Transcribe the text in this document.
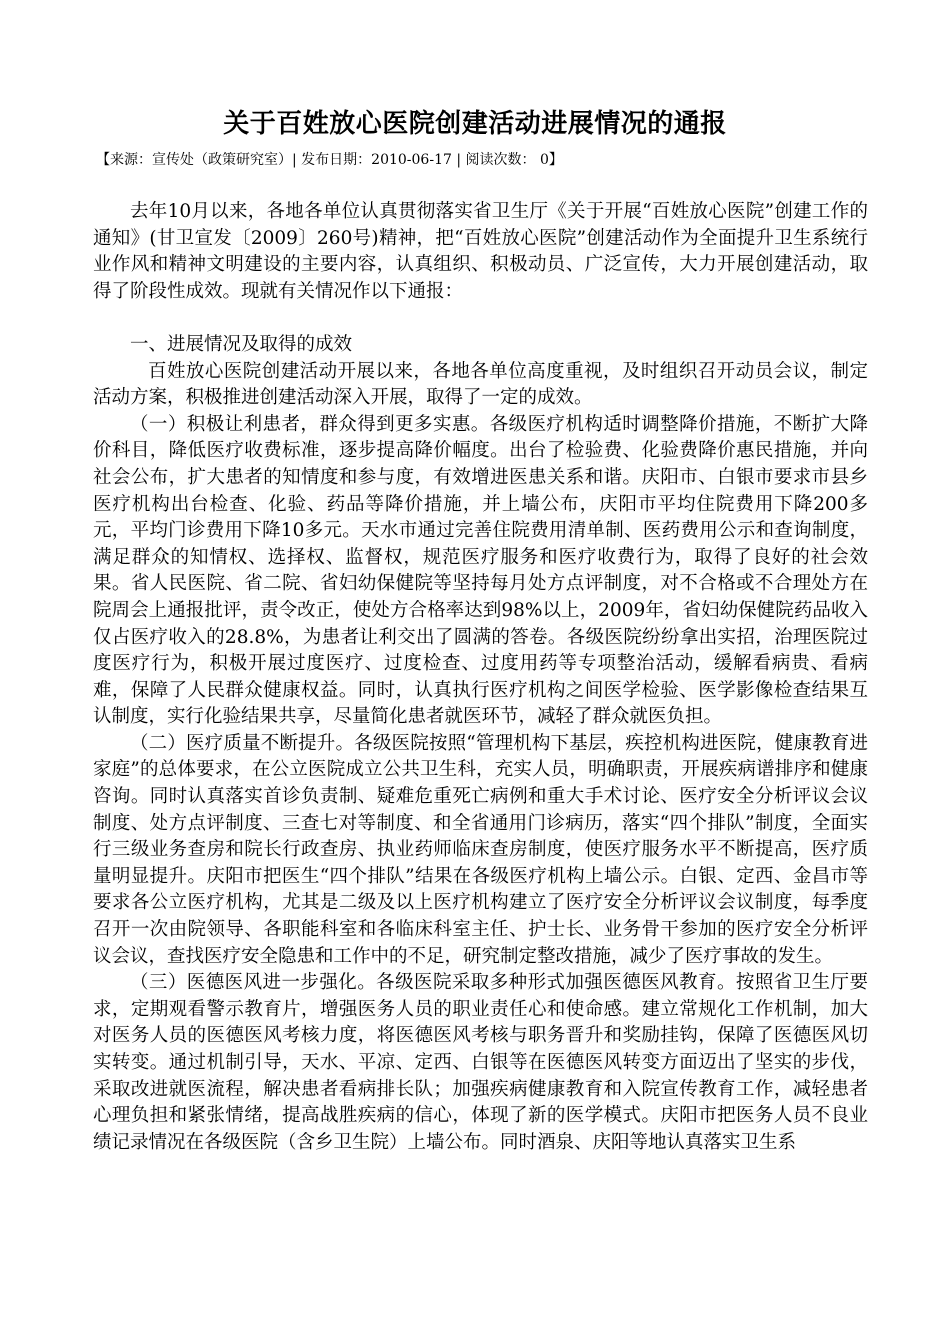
关于百姓放心医院创建活动进展情况的通报
【来源：宣传处（政策研究室）| 发布日期：2010-06-17 | 阅读次数： 0】

去年10月以来，各地各单位认真贯彻落实省卫生厅《关于开展“百姓放心医院”创建工作的通知》(甘卫宣发〔2009〕260号)精神，把“百姓放心医院”创建活动作为全面提升卫生系统行业作风和精神文明建设的主要内容，认真组织、积极动员、广泛宣传，大力开展创建活动，取得了阶段性成效。现就有关情况作以下通报：

一、进展情况及取得的成效

百姓放心医院创建活动开展以来，各地各单位高度重视，及时组织召开动员会议，制定活动方案，积极推进创建活动深入开展，取得了一定的成效。

（一）积极让利患者，群众得到更多实惠。各级医疗机构适时调整降价措施，不断扩大降价科目，降低医疗收费标准，逐步提高降价幅度。出台了检验费、化验费降价惠民措施，并向社会公布，扩大患者的知情度和参与度，有效增进医患关系和谐。庆阳市、白银市要求市县乡医疗机构出台检查、化验、药品等降价措施，并上墙公布，庆阳市平均住院费用下降200多元，平均门诊费用下降10多元。天水市通过完善住院费用清单制、医药费用公示和查询制度，满足群众的知情权、选择权、监督权，规范医疗服务和医疗收费行为，取得了良好的社会效果。省人民医院、省二院、省妇幼保健院等坚持每月处方点评制度，对不合格或不合理处方在院周会上通报批评，责令改正，使处方合格率达到98%以上，2009年，省妇幼保健院药品收入仅占医疗收入的28.8%，为患者让利交出了圆满的答卷。各级医院纷纷拿出实招，治理医院过度医疗行为，积极开展过度医疗、过度检查、过度用药等专项整治活动，缓解看病贵、看病难，保障了人民群众健康权益。同时，认真执行医疗机构之间医学检验、医学影像检查结果互认制度，实行化验结果共享，尽量简化患者就医环节，减轻了群众就医负担。

（二）医疗质量不断提升。各级医院按照“管理机构下基层，疾控机构进医院，健康教育进家庭”的总体要求，在公立医院成立公共卫生科，充实人员，明确职责，开展疾病谱排序和健康咨询。同时认真落实首诊负责制、疑难危重死亡病例和重大手术讨论、医疗安全分析评议会议制度、处方点评制度、三查七对等制度、和全省通用门诊病历，落实“四个排队”制度，全面实行三级业务查房和院长行政查房、执业药师临床查房制度，使医疗服务水平不断提高，医疗质量明显提升。庆阳市把医生“四个排队”结果在各级医疗机构上墙公示。白银、定西、金昌市等要求各公立医疗机构，尤其是二级及以上医疗机构建立了医疗安全分析评议会议制度，每季度召开一次由院领导、各职能科室和各临床科室主任、护士长、业务骨干参加的医疗安全分析评议会议，查找医疗安全隐患和工作中的不足，研究制定整改措施，减少了医疗事故的发生。

（三）医德医风进一步强化。各级医院采取多种形式加强医德医风教育。按照省卫生厅要求，定期观看警示教育片，增强医务人员的职业责任心和使命感。建立常规化工作机制，加大对医务人员的医德医风考核力度，将医德医风考核与职务晋升和奖励挂钩，保障了医德医风切实转变。通过机制引导，天水、平凉、定西、白银等在医德医风转变方面迈出了坚实的步伐，采取改进就医流程，解决患者看病排长队；加强疾病健康教育和入院宣传教育工作，减轻患者心理负担和紧张情绪，提高战胜疾病的信心，体现了新的医学模式。庆阳市把医务人员不良业绩记录情况在各级医院（含乡卫生院）上墙公布。同时酒泉、庆阳等地认真落实卫生系
